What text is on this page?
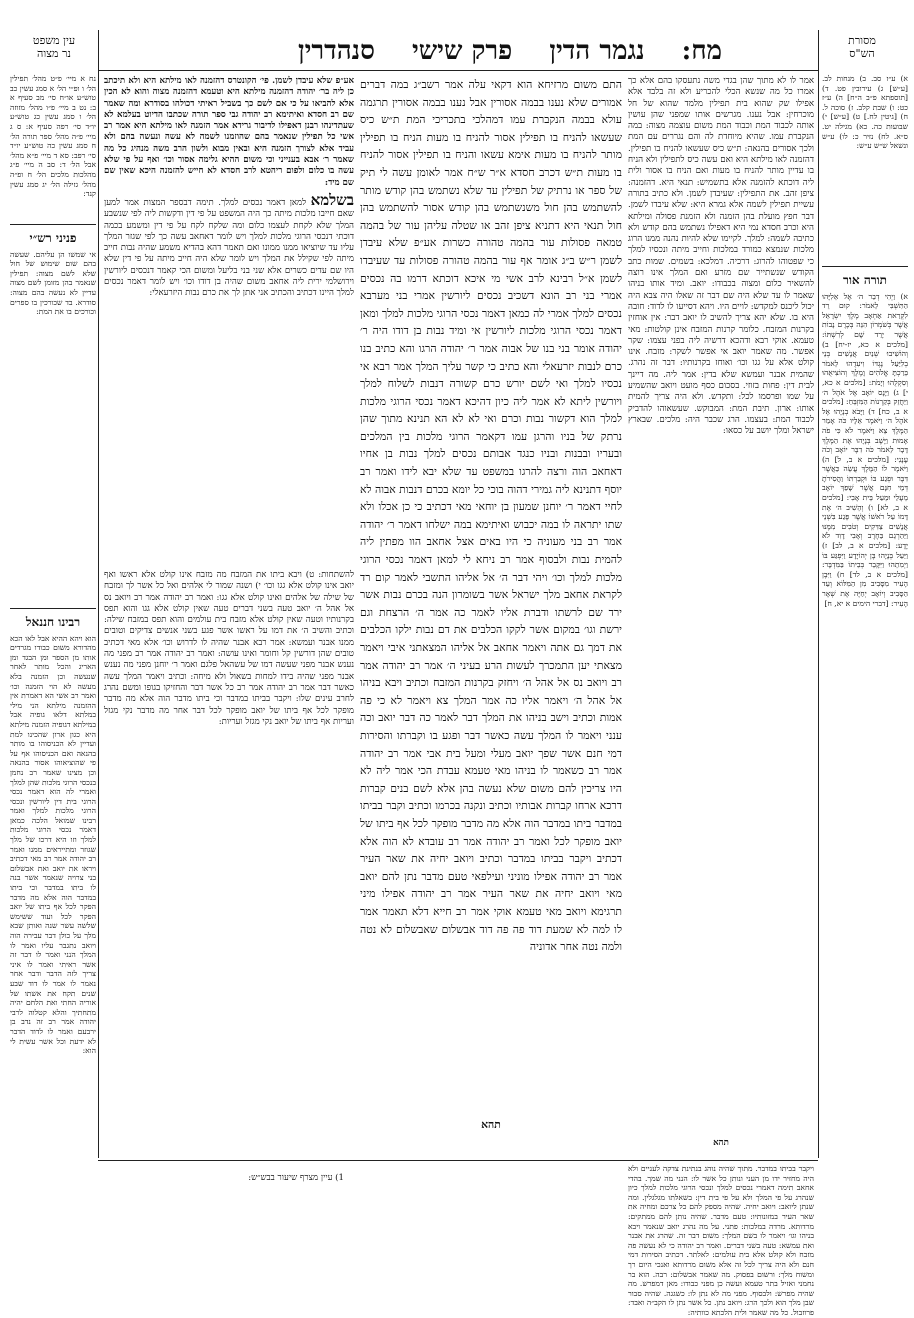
עין משפט
נר מצוה	מח: נגמר הדין פרק שישי סנהדרין	מסורת
הש"ס

נח א מיי׳ פ״ט מהל׳ תפילין הל׳ ו ופ״י הל׳ א סמג עשין כב טוש״ע או״ח סי׳ מב סעיף א ב: נט ב מיי׳ פ״ו מהל׳ מזוזה הל׳ ו סמג עשין כג טוש״ע יו״ד סי׳ רפה סעיף א: ס ג מיי׳ פ״ה מהל׳ ספר תורה הל׳ ח סמג עשין כה טוש״ע יו״ד סי׳ רפב: סא ד מיי׳ פ״א מהל׳ אבל הל׳ ד: סב ה מיי׳ פ״ג מהלכות מלכים הל׳ ח ופ״ה מהל׳ גזילה הל׳ יג סמג עשין קנד:

פניני רש״י

אי שמשו הן עליהם. שעשה בהם שום שימוש של חול שלא לשם מצוה: תפילין שנאמר בהן מזומן לשם מצוה עדיין לא נעשה בהם מצוה: סודרא. בד שכורכין בו ספרים וכורכים בו את המת:

רבינו חננאל

הוא ויהא ההיא אבל לאו הכא מהדורא משום כבודו מגרדים אותו מן הספר ומן הבגד ומן האריג והכל מותר לאחר שנעשה וכן הזמנה בלא מעשה לא הוי הזמנה וכו׳ ואמר רב אשי הא דאמרת אין ההזמנה מילתא הני מילי במלתא דלאו גופיה אבל במילתא דגופיה הזמנה מילתא היא כגון ארון שהכינו למת ועדיין לא הכניסוהו בו מותר בהנאה ואם הכניסוהו אף על פי שהוציאוהו אסור בהנאה וכן מצינו שאמר רב נחמן בנכסי הרוגי מלכות שהן למלך ואמרי לה הוא דאמר נכסי הרוגי בית דין ליורשין ונכסי הרוגי מלכות למלך ואמר רבינו שמואל הלכה כמאן דאמר נכסי הרוגי מלכות למלך וזו היא דרכו של מלך שגוזר ומתייראים ממנו ואמר רב יהודה אמר רב מאי דכתיב ויראו את יואב ואת אבשלום בני צרויה שנאמר אשר בנה לו ביתו במדבר וכי ביתו במדבר הוה אלא מה מדבר הפקר לכל אף ביתו של יואב הפקר לכל ועוד ששימש שלשה עשר שנה ואותן שבא מלך על כולן דבר עבירה הוה ויואב נתגבר עליו ואמר לו המלך הנני ואמר לו דבר זה אשר ראיתי ואמר לו איני צריך לזה הדבר ודבר אחר נאמר לו אמר לו דוד שבע שנים תקח את אשתו של אוריה החתי ואת הלחם יהיה מתחתיך והלא קטלוה לרבי יהודה אמר רב זה נדב בן ירבעם ואמר לו לדוד הדבר לא ידעת וכל אשר עשית לי הוא:

אע״פ שלא עיבדן לשמן. פי׳ הקונטרס דהזמנה לאו מילתא היא ולא תיכתב כן ליה בר׳ יהודה דהזמנה מילתא היא וטעמא דהזמנה מצוה והוא לא הכין אלא להביאו על כי אם לשם כך בשביל ראיתי דכולהו בסודרא ומה שאמר שם רב חסדא ואיתימא רב יהודה גבי ספר תורה שכתבו הדיוט בעלמא לא שעתדינהו רבנן דאפילו לדיבור גרידא אמר הזמנה לאו מילתא היא אמר רב אשי כל תפילין שנאמר בהם שהוזמנו לשמה לא עשה ונעשה בהם ולא עביד אלא לצורך הזמנה היא ובאין מבוא ולשון הרב משה מנהיג כל מה שאמר ר׳ אבא בענייני וכי משום ההיא גלימה אסור וכו׳ ואף על פי שלא עשה בו כלום ולפום ריהטא לרב חסדא לא חייש להזמנה היכא שאין שם שם מיד:

בשלמא למאן דאמר נכסים למלך. תימה דבספר המצות אמר למען שאם חייבו מלכות מיתה כך היה המשפט על פי דין ודקשות ליה לפי שנשבע המלך שלא לקחת לעצמו כלום ומה שלקח לקח על פי דין ומשמע בכמה דוכתי דנכסי הרוגי מלכות למלך ויש לומר דאחאב עשה כך לפי שגזר המלך עליו עד שיוציאו ממנו ממונו ואם תאמר דהא בהדיא משמע שהיה נבות חייב מיתה לפי שקילל את המלך ויש לומר שלא היה חייב מיתה על פי דין שלא היו שם עדים כשרים אלא שני בני בליעל ומשום הכי קאמר דנכסים ליורשין וירושלמי ירית ליה אחאב משום שהיה בן דודו וכו׳ ויש לומר דאמר נכסים למלך היינו דכתיב והכתיב אני אתן לך את כרם נבות היזרעאלי:

התם משום מרזיחא הוא דקאי עלה אמר רשב״ג במה דברים אמורים שלא נענו בבמה אסורין אבל נענו בבמה אסורין תרגמה עולא בבמה הנקברת עמו דמהלכי בתכריכי המת ת״ש כיס שעשאו להניח בו תפילין אסור להניח בו מעות הניח בו תפילין מותר להניח בו מעות אימא עשאו והניח בו תפילין אסור להניח בו מעות ת״ש דכרב חסדא א״ר ש״ח אמר לאומן עשה לי תיק של ספר או נרתיק של תפילין עד שלא נשתמש בהן קודש מותר להשתמש בהן חול משנשתמש בהן קודש אסור להשתמש בהן חול תנאי היא דתניא ציפן זהב או שטלה עליהן עור של בהמה טמאה פסולות עור בהמה טהורה כשרות אע״פ שלא עיבדן לשמן ר״ש ב״ג אומר אף עור בהמה טהורה פסולות עד שעיבדו לשמן א״ל רבינא לרב אשי מי איכא דוכתא דרמו בה נכסים אמרי בני רב הונא דשכיב נכסים ליורשין אמרי בני מערבא נכסים למלך אמרי לה כמאן דאמר נכסי הרוגי מלכות למלך ומאן דאמר נכסי הרוגי מלכות ליורשין אי ומיד נבות בן דודו היה ר׳ יהודה אומר בני בנו של אבוה אמר ר׳ יהודה הרגו והא כתיב בנו כרם לנבות יזרעאלי והא כתיב כי קשר עליך המלך אמר רבא אי נכסיו למלך ואי לשם יורש כרם קשורה דנבות לשלוח למלך ויורשין ליתא לא אמר ליה כיון דהיכא דאמר נכסי הרוגי מלכות למלך הוא דקשור נבות וכרם ואי לא לא הא תנינא מתוך שהן נרתק של בניו והרגן עמו דקאמר הרוגי מלכות בין המלכים ובעריו ובבנות ובניו כנגד אבותם נכסים למלך נבות בן אחיו דאחאב הוה ורצה להרגו במשפט עד שלא יבא לידו ואמר רב יוסף דתנינא ליה גמירי דהוה בוכי כל יומא בכרם דנבות אבוה לא לחיי דאמר ר׳ יוחנן שמעון בן יוחאי מאי דכתיב כי כן אכלו ולא שתו יתראה לו במה יכבוש ואיתימא במה ישלחו דאמר ר׳ יהודה אמר רב בני מעוניה כי היו באים אצל אחאב הוו מפתין ליה להמית נבות ולבסוף אמר רב ניחא לי למאן דאמר נכסי הרוגי מלכות למלך וכו׳ ויהי דבר ה׳ אל אליהו התשבי לאמר קום רד לקראת אחאב מלך ישראל אשר בשומרון הנה בכרם נבות אשר ירד שם לרשתו ודברת אליו לאמר כה אמר ה׳ הרצחת וגם ירשת וגו׳ במקום אשר לקקו הכלבים את דם נבות ילקו הכלבים את דמך גם אתה ויאמר אחאב אל אליהו המצאתני איבי ויאמר מצאתי יען התמכרך לעשות הרע בעיני ה׳ אמר רב יהודה אמר רב ויואב נס אל אהל ה׳ ויחזק בקרנות המזבח וכתיב ויבא בניהו אל אהל ה׳ ויאמר אליו כה אמר המלך צא ויאמר לא כי פה אמות וכתיב וישב בניהו את המלך דבר לאמר כה דבר יואב וכה ענני ויאמר לו המלך עשה כאשר דבר ופגע בו וקברתו והסירות דמי חנם אשר שפך יואב מעלי ומעל בית אבי אמר רב יהודה אמר רב כשאמר לו בניהו מאי טעמא עבדת הכי אמר ליה לא היו צריכין להם משום שלא נעשה בהן אלא לשם בנים קברות דרכא ארחו קברות אבותיו וכתיב ונקנה בכרמו וכתיב וקבר בביתו במדבר ביתו במדבר הוה אלא מה מדבר מופקר לכל אף ביתו של יואב מופקר לכל ואמר רב יהודה אמר רב עובדא לא הוה אלא דכתיב ויקבר בביתו במדבר וכתיב ויואב יחיה את שאר העיר אמר רב יהודה אפילו מוניני ועילפאי טעם מדבר נתן להם יואב מאי ויואב יחיה את שאר העיר אמר רב יהודה אפילו מיני תרגימא ויואב מאי טעמא אוקי אמר רב חייא דלא תאמר אמר לו למה לא שמעת דוד פה פה דוד אבשלום שאבשלום לא נטה ולמה נטה אחר אדוניה

תהא

להשתחות: ט) ויבא ביתו את המזבח מה מזבח אינו קולט אלא ראשו ואף יואב אינו קולט אלא גגו וכו׳ י) ושנה שמור לי אלהים ואל כל אשר לך ומזבח של שילה של אלהים ואינו קולט אלא גגו: ואמר רב יהודה אמר רב ויואב נס אל אהל ה׳ יואב טעה בשני דברים טעה שאין קולט אלא גגו והוא תפס בקרנותיו וטעה שאין קולט אלא מזבח בית עולמים והוא תפס במזבח שילה: וכתיב והשיב ה׳ את דמו על ראשו אשר פגע בשני אנשים צדיקים וטובים ממנו אבנר ועמשא: אמר רבא אבנר שהיה לו לדרוש וכו׳ אלא מאי דכתיב טובים שהן דורשין קל וחומר ואינו עושה: ואמר רב יהודה אמר רב מפני מה נענש אבנר מפני שעשה דמו של עשהאל פלגם ואמר ר׳ יוחנן מפני מה נענש אבנר מפני שהיה בידו למחות בשאול ולא מיחה: וכתיב ויאמר המלך עשה כאשר דבר אמר רב יהודה אמר רב כל אשר דבר והחזיקו בגופו ומשם נהרג לחרב עינים שלו: ויקבר בביתו במדבר וכי ביתו מדבר הוה אלא מה מדבר מופקר לכל אף ביתו של יואב מופקר לכל דבר אחר מה מדבר נקי מגזל ועריות אף ביתו של יואב נקי מגזל ועריות:

אמר לו לא מתוך שהן בגדי משה נתעסקו בהם אלא כך אמרו כל מה שנשא הכלי להכריע ולא זה בלבד אלא אפילו שק שהוא בית תפילין מלמד שהוא של חל מוכרחין: אבל נענו. מגרשים אותו שמפני שהן עושין אותה לכבוד המת וכבוד המת משום עוצמה מצוה: במה הנקברת עמו. שהיא מיוחדת לה והם נגררים עם המת ולכך אסורים בהנאה: ת״ש כיס שעשאו להניח בו תפילין. דהזמנה לאו מילתא היא ואם עשה כיס לתפילין ולא הניח בו עדיין מותר להניח בו מעות ואם הניח בו אסור ולית ליה דוכתא להזמנה אלא בתשמיש: תנאי היא. דהזמנה: ציפן זהב. את התפילין: שעיבדן לשמן. ולא כתיב בתורה עשיית תפילין לשמה אלא גמרא היא: שלא עיבדו לשמן. דבר חפץ מועלת בהן הזמנה ולא הזמנת פסולה ומילתא היא וכרב חסדא נמי היא דאפילו נשתמש בהם קודש ולא כתיבה לשמה: למלך. לקיימו שלא להיות נהנה ממנו הרוג מלכות שנמצא כמורד במלכות וחייב מיתה ונכסיו למלך כי שפטוהו להרוג: דרכיה. דמלכא: בשמים. שמות כתב הקודש שנשתייר שם מזרע ואם המלך אינו רוצה להשאיר כלום ומצוה בכבודו: יואב. ומיד אותו בניהו שאמר לו עד שלא היה שם דבר זה שאלו היה צבא היה יכול ליכנס למקדש: לויים היו. ויהא דסייעו לו לדוד: חובה היא בו. שלא יהא צריך להשיב לו יואב דבר: אין אוחזין בקרנות המזבח. כלומר קרנות המזבח אינן קולטות: מאי טעמא. אוקי רבא ודהכא דרשיה ליה בפני עצמו: שקר אפשר. מה שאמר יואב אי אפשר לשקר: מזבח. אינו קולט אלא על גגו וכו׳ ואוחז בקרנותיו: דבר זה נהרג. שהמית אבנר ועמשא שלא בדין: אמר ליה. מה דיינך לבית דין: פחות בזוזי. בסכום כסף מועט ויואב שהשמיע על שמו ופרסמו לכל: ותקדש. ולא היה צריך להמית אותו: ארון. תיבת המת: המבוקש. שעשאוהו להדביק לכבוד המת: בעצמו. הרג שכבר היה: מלכים. שבארץ ישראל ומלך יושב על כסאו:

תהא

א) ע״ז סב. ב) מנחות לב. [ע״ש] ג) עירובין פט. ד) [תוספתא פ״ב ה״ח] ה) ע״ז כט: ו) שבת קלב. ז) סוכה ל. ח) [גיטין לח.] ט) [ע״ש] י) שבועות כה. כא) מגילה יט. ס״א. לח) נזיר כ: לו) ע״ש ונשאל ש״ש ע״ש:

תורה אור

א) וַיְהִי דְבַר ה׳ אֶל אֵלִיָּהוּ הַתִּשְׁבִּי לֵאמֹר: קוּם רֵד לִקְרַאת אַחְאָב מֶלֶךְ יִשְׂרָאֵל אֲשֶׁר בְּשֹׁמְרוֹן הִנֵּה בְּכֶרֶם נָבוֹת אֲשֶׁר יָרַד שָׁם לְרִשְׁתּוֹ: [מלכים א כא, יז-יח] ב) וְהוֹשִׁיבוּ שְׁנַיִם אֲנָשִׁים בְּנֵי בְלִיַּעַל נֶגְדּוֹ וִיעִדֻהוּ לֵאמֹר בֵּרַכְתָּ אֱלֹהִים וָמֶלֶךְ וְהוֹצִיאֻהוּ וְסִקְלֻהוּ וְיָמֹת: [מלכים א כא, י] ג) וַיָּנָס יוֹאָב אֶל אֹהֶל ה׳ וַיַּחֲזֵק בְּקַרְנוֹת הַמִּזְבֵּחַ: [מלכים א ב, כח] ד) וַיָּבֹא בְנָיָהוּ אֶל אֹהֶל ה׳ וַיֹּאמֶר אֵלָיו כֹּה אָמַר הַמֶּלֶךְ צֵא וַיֹּאמֶר לֹא כִּי פֹה אָמוּת וַיָּשֶׁב בְּנָיָהוּ אֶת הַמֶּלֶךְ דָּבָר לֵאמֹר כֹּה דִבֶּר יוֹאָב וְכֹה עָנָנִי: [מלכים א ב, ל] ה) וַיֹּאמֶר לוֹ הַמֶּלֶךְ עֲשֵׂה כַּאֲשֶׁר דִּבֶּר וּפְגַע בּוֹ וּקְבַרְתּוֹ וַהֲסִירֹתָ דְּמֵי חִנָּם אֲשֶׁר שָׁפַךְ יוֹאָב מֵעָלַי וּמֵעַל בֵּית אָבִי: [מלכים א ב, לא] ו) וְהֵשִׁיב ה׳ אֶת דָּמוֹ עַל רֹאשׁוֹ אֲשֶׁר פָּגַע בִּשְׁנֵי אֲנָשִׁים צַדִּקִים וְטֹבִים מִמֶּנּוּ וַיַּהַרְגֵם בַּחֶרֶב וְאָבִי דָוִד לֹא יָדָע: [מלכים א ב, לב] ז) וַיַּעַל בְּנָיָהוּ בֶּן יְהוֹיָדָע וַיִּפְגַּע בּוֹ וַיְמִתֵהוּ וַיִּקָּבֵר בְּבֵיתוֹ בַּמִּדְבָּר: [מלכים א ב, לד] ח) וַיִּבֶן הָעִיר מִסָּבִיב מִן הַמִּלּוֹא וְעַד הַסָּבִיב וְיוֹאָב יְחַיֶּה אֶת שְׁאָר הָעִיר: [דברי הימים א יא, ח]

ויקבר בביתו במדבר. מתוך שהיה נוהג בנתינת צדקה לעניים ולא היה מחזיר ידו מן העני ונותן כל אשר לו: הנני מה שמך. בהדי אחאב תימה דאמרי נכסים למלך ונכסי הרוגי מלכות למלך כיון שנהרג על פי המלך ולא על פי בית דין: בשאלתו מגלגלין. ומה שנתן ליואב: ויואב יחיה. שהיה מספק להם כל צרכם ומחיה את שאר העיר במזונותיו: טעם מדבר. שהיה נותן להם ממתקים: מרדותא. מרדה במלכות: פתני. על מה נהרג יואב שנאמר ויבא בניהו וגו׳ ויאמר לו בשם המלך: משום דבר זה. שהרג את אבנר ואת עמשא: טעה בשני דברים. ואמר רב יהודה כי לא נעשה פה מזבח ולא קולט אלא בית עולמים: לאלתר. דכתיב הסירות דמי חנם ולא היה צריך לכל זה אלא משום מרדותא ואנכי היום רך ומשוח מלך: ורשום בפסוק. מה שאמר אבשלום: רבה. הוא בר נחמני ואזיל בתר טעמא ועשה כן מפני כבודו: מאן דמפרש. מה שהיה מפרש: ולבסוף. מפני מה לא נתן לו: כשגגה. שהיה סבור שבן מלך הוא ולכך הרג: ויואב נתן. כל אשר נתן לו הקב״ה ואבד: פרוזבול. כל מה שאמר ולית הלכתא כוותיה:

1) עיין מצרף שיעור בבש״ש:
